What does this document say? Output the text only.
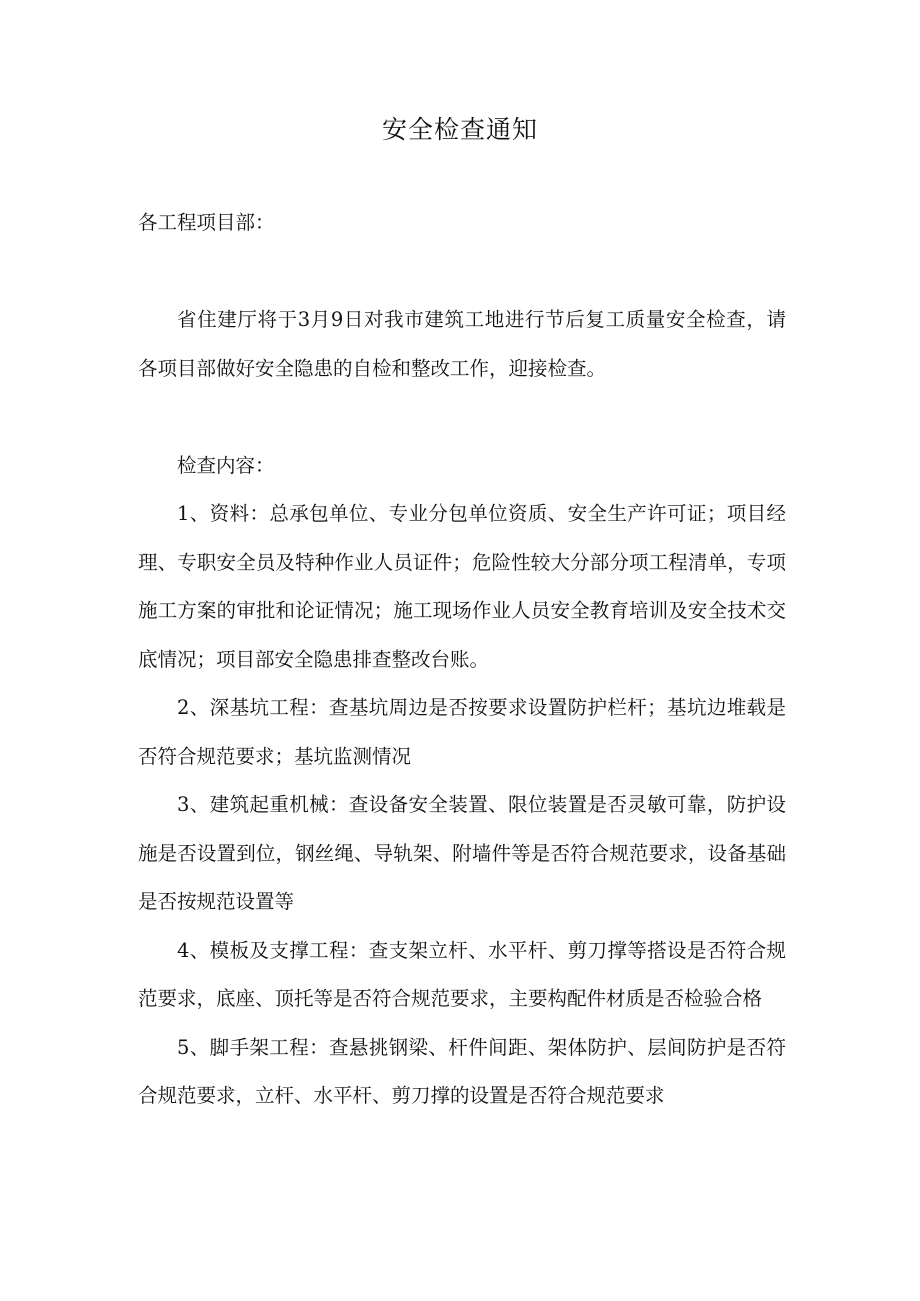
安全检查通知
各工程项目部：

省住建厅将于3月9日对我市建筑工地进行节后复工质量安全检查，请各项目部做好安全隐患的自检和整改工作，迎接检查。

检查内容：

1、资料：总承包单位、专业分包单位资质、安全生产许可证；项目经理、专职安全员及特种作业人员证件；危险性较大分部分项工程清单，专项施工方案的审批和论证情况；施工现场作业人员安全教育培训及安全技术交底情况；项目部安全隐患排查整改台账。
2、深基坑工程：查基坑周边是否按要求设置防护栏杆；基坑边堆载是否符合规范要求；基坑监测情况
3、建筑起重机械：查设备安全装置、限位装置是否灵敏可靠，防护设施是否设置到位，钢丝绳、导轨架、附墙件等是否符合规范要求，设备基础是否按规范设置等
4、模板及支撑工程：查支架立杆、水平杆、剪刀撑等搭设是否符合规范要求，底座、顶托等是否符合规范要求，主要构配件材质是否检验合格
5、脚手架工程：查悬挑钢梁、杆件间距、架体防护、层间防护是否符合规范要求，立杆、水平杆、剪刀撑的设置是否符合规范要求
